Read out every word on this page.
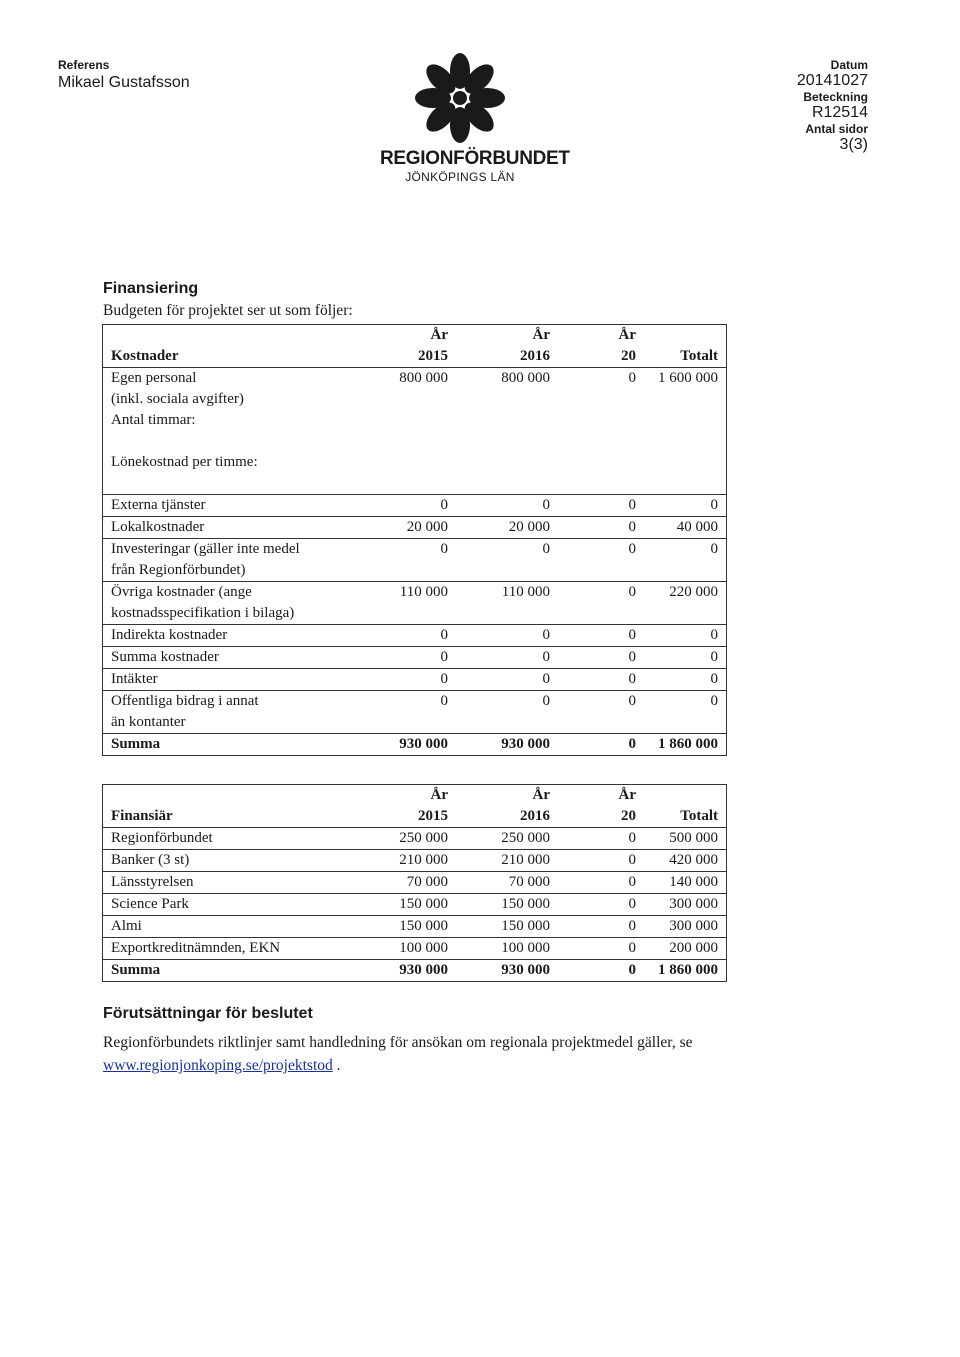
Referens
Mikael Gustafsson
REGIONFÖRBUNDET
JÖNKÖPINGS LÄN
Datum
20141027
Beteckning
R12514
Antal sidor
3(3)
Finansiering
Budgeten för projektet ser ut som följer:
	År	År	År	
Kostnader	2015	2016	20	Totalt
Egen personal	800 000	800 000	0	1 600 000
(inkl. sociala avgifter)				
Antal timmar:				

Lönekostnad per timme:				

Externa tjänster	0	0	0	0
Lokalkostnader	20 000	20 000	0	40 000
Investeringar (gäller inte medel
från Regionförbundet)	0	0	0	0
Övriga kostnader (ange
kostnadsspecifikation i bilaga)	110 000	110 000	0	220 000
Indirekta kostnader	0	0	0	0
Summa kostnader	0	0	0	0
Intäkter	0	0	0	0
Offentliga bidrag i annat
än kontanter	0	0	0	0
Summa	930 000	930 000	0	1 860 000
	År	År	År	
Finansiär	2015	2016	20	Totalt
Regionförbundet	250 000	250 000	0	500 000
Banker (3 st)	210 000	210 000	0	420 000
Länsstyrelsen	70 000	70 000	0	140 000
Science Park	150 000	150 000	0	300 000
Almi	150 000	150 000	0	300 000
Exportkreditnämnden, EKN	100 000	100 000	0	200 000
Summa	930 000	930 000	0	1 860 000
Förutsättningar för beslutet
Regionförbundets riktlinjer samt handledning för ansökan om regionala projektmedel gäller, se
www.regionjonkoping.se/projektstod .
